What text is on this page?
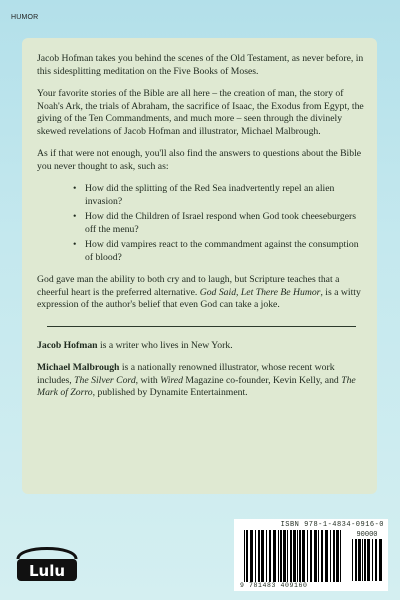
HUMOR

Jacob Hofman takes you behind the scenes of the Old Testament, as never before, in this sidesplitting meditation on the Five Books of Moses.

Your favorite stories of the Bible are all here – the creation of man, the story of Noah's Ark, the trials of Abraham, the sacrifice of Isaac, the Exodus from Egypt, the giving of the Ten Commandments, and much more – seen through the divinely skewed revelations of Jacob Hofman and illustrator, Michael Malbrough.

As if that were not enough, you'll also find the answers to questions about the Bible you never thought to ask, such as:

• How did the splitting of the Red Sea inadvertently repel an alien invasion?
• How did the Children of Israel respond when God took cheeseburgers off the menu?
• How did vampires react to the commandment against the consumption of blood?

God gave man the ability to both cry and to laugh, but Scripture teaches that a cheerful heart is the preferred alternative. God Said, Let There Be Humor, is a witty expression of the author's belief that even God can take a joke.

Jacob Hofman is a writer who lives in New York.

Michael Malbrough is a nationally renowned illustrator, whose recent work includes, The Silver Cord, with Wired Magazine co-founder, Kevin Kelly, and The Mark of Zorro, published by Dynamite Entertainment.

Lulu
ISBN 978-1-4834-0916-0
90000
9 781483 409160
